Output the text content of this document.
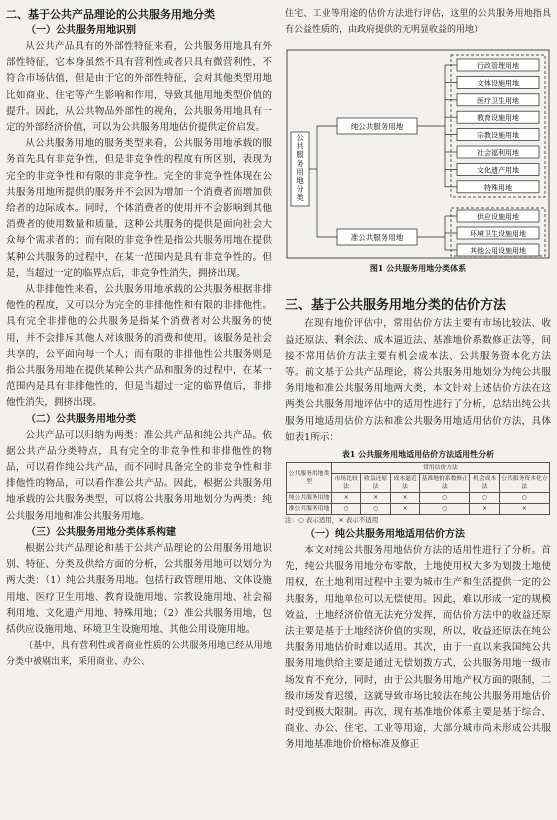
二、基于公共产品理论的公共服务用地分类

（一）公共服务用地识别

从公共产品具有的外部性特征来看，公共服务用地具有外部性特征，它本身虽然不具有营利性或者只具有微营利性，不符合市场估值，但是由于它的外部性特征，会对其他类型用地比如商业、住宅等产生影响和作用，导致其他用地类型价值的提升。因此，从公共物品外部性的视角，公共服务用地具有一定的外部经济价值，可以为公共服务用地估价提供定价启发。

从公共服务用地的服务类型来看，公共服务用地承载的服务首先具有非竞争性，但是非竞争性的程度有所区别，表现为完全的非竞争性和有限的非竞争性。完全的非竞争性体现在公共服务用地所提供的服务并不会因为增加一个消费者而增加供给者的边际成本。同时，个体消费者的使用并不会影响到其他消费者的使用数量和质量，这种公共服务的提供是面向社会大众每个需求者的；而有限的非竞争性是指公共服务用地在提供某种公共服务的过程中，在某一范围内是具有非竞争性的。但是，当超过一定的临界点后，非竞争性消失，拥挤出现。

从非排他性来看，公共服务用地承载的公共服务根据非排他性的程度，又可以分为完全的非排他性和有限的非排他性。具有完全非排他的公共服务是指某个消费者对公共服务的使用，并不会排斥其他人对该服务的消费和使用，该服务是社会共享的，公平面向每一个人；而有限的非排他性公共服务则是指公共服务用地在提供某种公共产品和服务的过程中，在某一范围内是具有非排他性的，但是当超过一定的临界值后，非排他性消失，拥挤出现。

（二）公共服务用地分类

公共产品可以归纳为两类：准公共产品和纯公共产品。依据公共产品分类特点，具有完全的非竞争性和非排他性的物品，可以看作纯公共产品，而不同时具备完全的非竞争性和非排他性的物品，可以看作准公共产品。因此，根据公共服务用地承载的公共服务类型，可以将公共服务用地划分为两类：纯公共服务用地和准公共服务用地。

（三）公共服务用地分类体系构建

根据公共产品理论和基于公共产品理论的公用服务用地识别、特征、分类及供给方面的分析，公共服务用地可以划分为两大类：（1）纯公共服务用地。包括行政管理用地、文体设施用地、医疗卫生用地、教育设施用地、宗教设施用地、社会福利用地、文化遗产用地、特殊用地；（2）准公共服务用地，包括供应设施用地、环境卫生设施用地、其他公用设施用地。

（基中，具有营利性或者商业性质的公共服务用地已经从用地分类中被剔出来，采用商业、办公、

住宅、工业等用途的估价方法进行评估，这里的公共服务用地指具有公益性质的，由政府提供的无明显收益的用地）

公共服务用地分类
纯公共服务用地
准公共服务用地
行政管理用地
文体设施用地
医疗卫生用地
教育设施用地
宗教设施用地
社会福利用地
文化遗产用地
特殊用地
供应设施用地
环境卫生设施用地
其他公用设施用地
图1 公共服务用地分类体系

三、基于公共服务用地分类的估价方法

在现有地价评估中，常用估价方法主要有市场比较法、收益还原法、剩余法、成本逼近法、基准地价系数修正法等，间接不常用估价方法主要有机会成本法、公共服务资本化方法等。前文基于公共产品理论，将公共服务用地划分为纯公共服务用地和准公共服务用地两大类，本文针对上述估价方法在这两类公共服务用地评估中的适用性进行了分析，总结出纯公共服务用地适用估价方法和准公共服务用地适用估价方法，具体如表1所示：

表1 公共服务用地适用估价方法适用性分析
公共服务用地类型	常用估价方法					
	市场比较法	收益还原法	成本逼近法	基准地价系数修正法	机会成本法	公共服务资本化方法
纯公共服务用地	×	×	×	○	○	○
准公共服务用地	○	○	×	○	×	×
注：○ 表示适用，× 表示不适用

（一）纯公共服务用地适用估价方法

本文对纯公共服务用地估价方法的适用性进行了分析。首先，纯公共服务用地分布零散，土地使用权大多为划拨土地使用权，在土地利用过程中主要为城市生产和生活提供一定的公共服务，用地单位可以无偿使用。因此，难以形成一定的规模效益，土地经济价值无法充分发挥，而估价方法中的收益还原法主要是基于土地经济价值的实现，所以，收益还原法在纯公共服务用地估价时难以适用。其次，由于一直以来我国纯公共服务用地供给主要是通过无偿划拨方式，公共服务用地一级市场发育不充分，同时，由于公共服务用地产权方面的限制，二级市场发育迟缓，这就导致市场比较法在纯公共服务用地估价时受到极大限制。再次，现有基准地价体系主要是基于综合、商业、办公、住宅、工业等用途，大部分城市尚未形成公共服务用地基准地价价格标准及修正
